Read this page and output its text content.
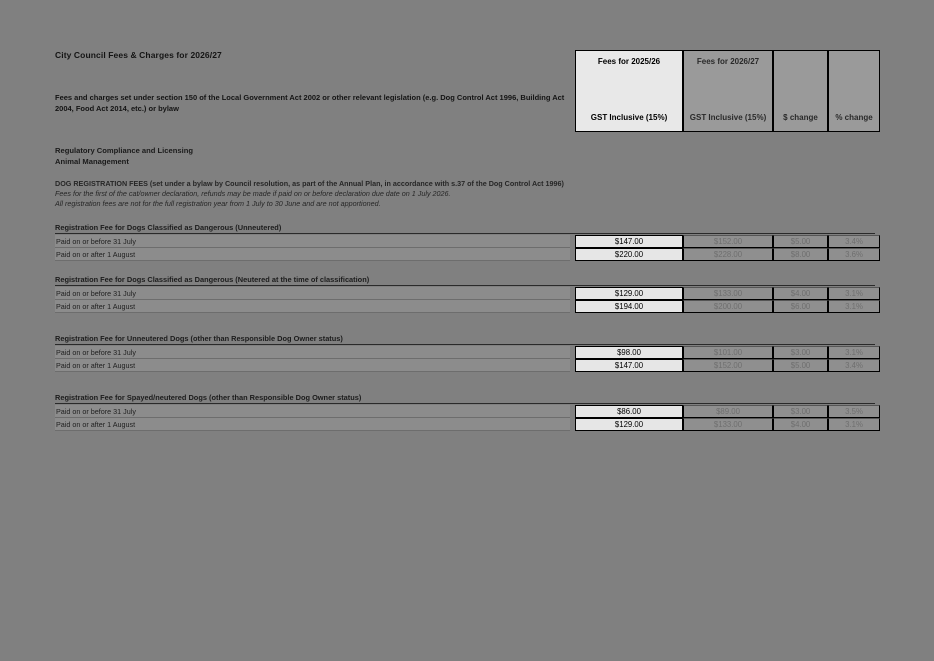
City Council Fees & Charges for 2026/27
Fees and charges set under section 150 of the Local Government Act 2002 or other relevant legislation (e.g. Dog Control Act 1996, Building Act 2004, Food Act 2014, etc.) or bylaw
Fees for 2025/26
GST Inclusive (15%)
Fees for 2026/27
GST Inclusive (15%)	$ change	% change
Regulatory Compliance and Licensing
Animal Management
DOG REGISTRATION FEES (set under a bylaw by Council resolution, as part of the Annual Plan, in accordance with s.37 of the Dog Control Act 1996)
Fees for the first of the cat/owner declaration, refunds may be made if paid on or before declaration due date on 1 July 2026.
All registration fees are not for the full registration year from 1 July to 30 June and are not apportioned.
Registration Fee for Dogs Classified as Dangerous (Unneutered)
Paid on or before 31 July	$147.00	$152.00	$5.00	3.4%
Paid on or after 1 August	$220.00	$228.00	$8.00	3.6%
Registration Fee for Dogs Classified as Dangerous (Neutered at the time of classification)
Paid on or before 31 July	$129.00	$133.00	$4.00	3.1%
Paid on or after 1 August	$194.00	$200.00	$6.00	3.1%
Registration Fee for Unneutered Dogs (other than Responsible Dog Owner status)
Paid on or before 31 July	$98.00	$101.00	$3.00	3.1%
Paid on or after 1 August	$147.00	$152.00	$5.00	3.4%
Registration Fee for Spayed/neutered Dogs (other than Responsible Dog Owner status)
Paid on or before 31 July	$86.00	$89.00	$3.00	3.5%
Paid on or after 1 August	$129.00	$133.00	$4.00	3.1%
